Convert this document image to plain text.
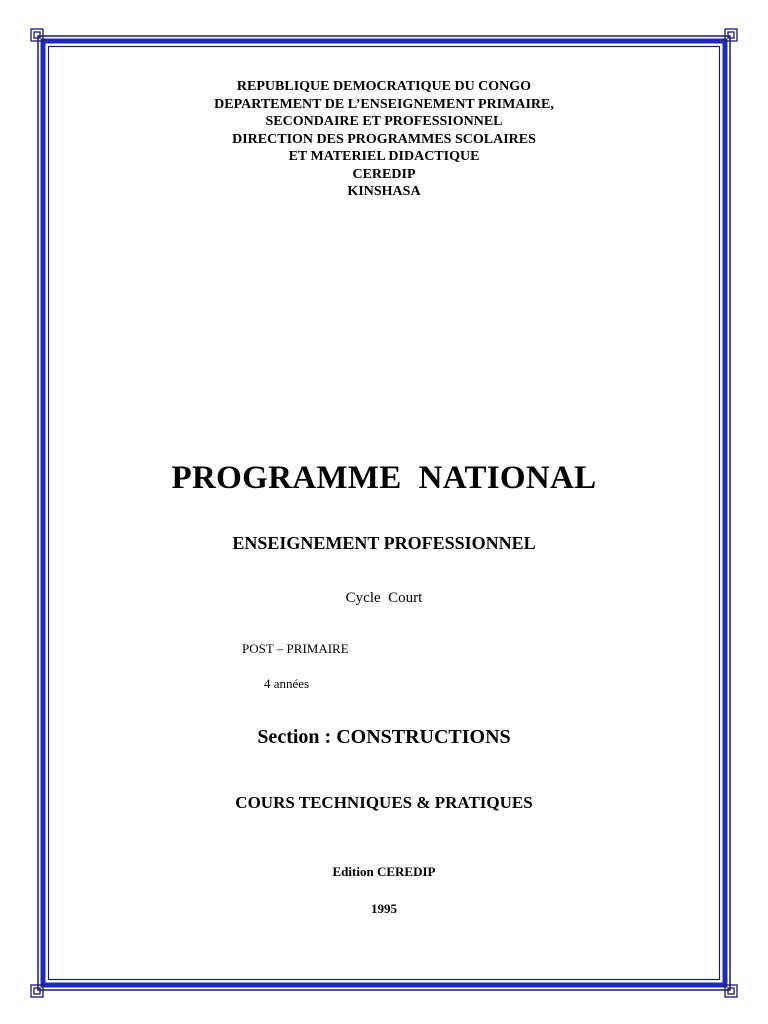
REPUBLIQUE DEMOCRATIQUE DU CONGO
DEPARTEMENT DE L’ENSEIGNEMENT PRIMAIRE,
SECONDAIRE ET PROFESSIONNEL
DIRECTION DES PROGRAMMES SCOLAIRES
ET MATERIEL DIDACTIQUE
CEREDIP
KINSHASA
PROGRAMME  NATIONAL
ENSEIGNEMENT PROFESSIONNEL
Cycle  Court
POST – PRIMAIRE
4 années
Section : CONSTRUCTIONS
COURS TECHNIQUES & PRATIQUES
Edition CEREDIP
1995
